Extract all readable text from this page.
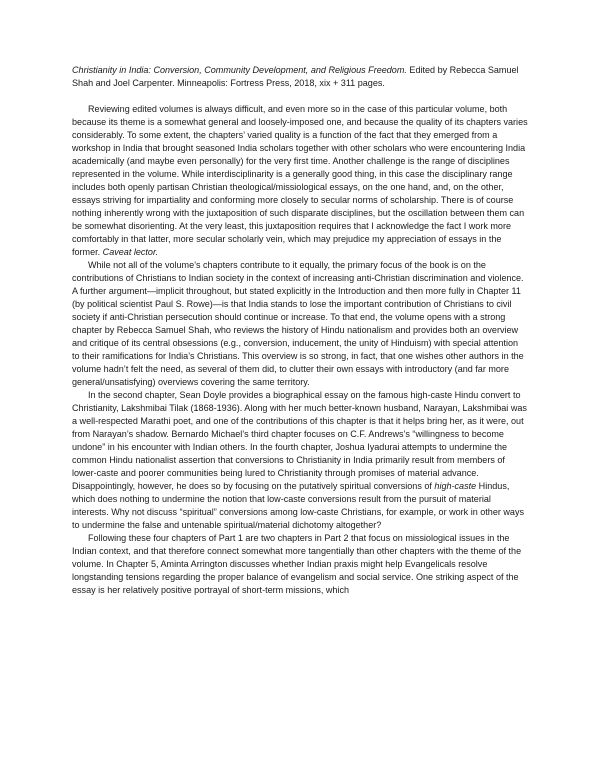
Christianity in India: Conversion, Community Development, and Religious Freedom. Edited by Rebecca Samuel Shah and Joel Carpenter. Minneapolis: Fortress Press, 2018, xix + 311 pages.

Reviewing edited volumes is always difficult, and even more so in the case of this particular volume, both because its theme is a somewhat general and loosely-imposed one, and because the quality of its chapters varies considerably. To some extent, the chapters’ varied quality is a function of the fact that they emerged from a workshop in India that brought seasoned India scholars together with other scholars who were encountering India academically (and maybe even personally) for the very first time. Another challenge is the range of disciplines represented in the volume. While interdisciplinarity is a generally good thing, in this case the disciplinary range includes both openly partisan Christian theological/missiological essays, on the one hand, and, on the other, essays striving for impartiality and conforming more closely to secular norms of scholarship. There is of course nothing inherently wrong with the juxtaposition of such disparate disciplines, but the oscillation between them can be somewhat disorienting. At the very least, this juxtaposition requires that I acknowledge the fact I work more comfortably in that latter, more secular scholarly vein, which may prejudice my appreciation of essays in the former. Caveat lector.

While not all of the volume’s chapters contribute to it equally, the primary focus of the book is on the contributions of Christians to Indian society in the context of increasing anti-Christian discrimination and violence. A further argument—implicit throughout, but stated explicitly in the Introduction and then more fully in Chapter 11 (by political scientist Paul S. Rowe)—is that India stands to lose the important contribution of Christians to civil society if anti-Christian persecution should continue or increase. To that end, the volume opens with a strong chapter by Rebecca Samuel Shah, who reviews the history of Hindu nationalism and provides both an overview and critique of its central obsessions (e.g., conversion, inducement, the unity of Hinduism) with special attention to their ramifications for India’s Christians. This overview is so strong, in fact, that one wishes other authors in the volume hadn’t felt the need, as several of them did, to clutter their own essays with introductory (and far more general/unsatisfying) overviews covering the same territory.

In the second chapter, Sean Doyle provides a biographical essay on the famous high-caste Hindu convert to Christianity, Lakshmibai Tilak (1868-1936). Along with her much better-known husband, Narayan, Lakshmibai was a well-respected Marathi poet, and one of the contributions of this chapter is that it helps bring her, as it were, out from Narayan’s shadow. Bernardo Michael’s third chapter focuses on C.F. Andrews’s “willingness to become undone” in his encounter with Indian others. In the fourth chapter, Joshua Iyadurai attempts to undermine the common Hindu nationalist assertion that conversions to Christianity in India primarily result from members of lower-caste and poorer communities being lured to Christianity through promises of material advance. Disappointingly, however, he does so by focusing on the putatively spiritual conversions of high-caste Hindus, which does nothing to undermine the notion that low-caste conversions result from the pursuit of material interests. Why not discuss “spiritual” conversions among low-caste Christians, for example, or work in other ways to undermine the false and untenable spiritual/material dichotomy altogether?

Following these four chapters of Part 1 are two chapters in Part 2 that focus on missiological issues in the Indian context, and that therefore connect somewhat more tangentially than other chapters with the theme of the volume. In Chapter 5, Aminta Arrington discusses whether Indian praxis might help Evangelicals resolve longstanding tensions regarding the proper balance of evangelism and social service. One striking aspect of the essay is her relatively positive portrayal of short-term missions, which
